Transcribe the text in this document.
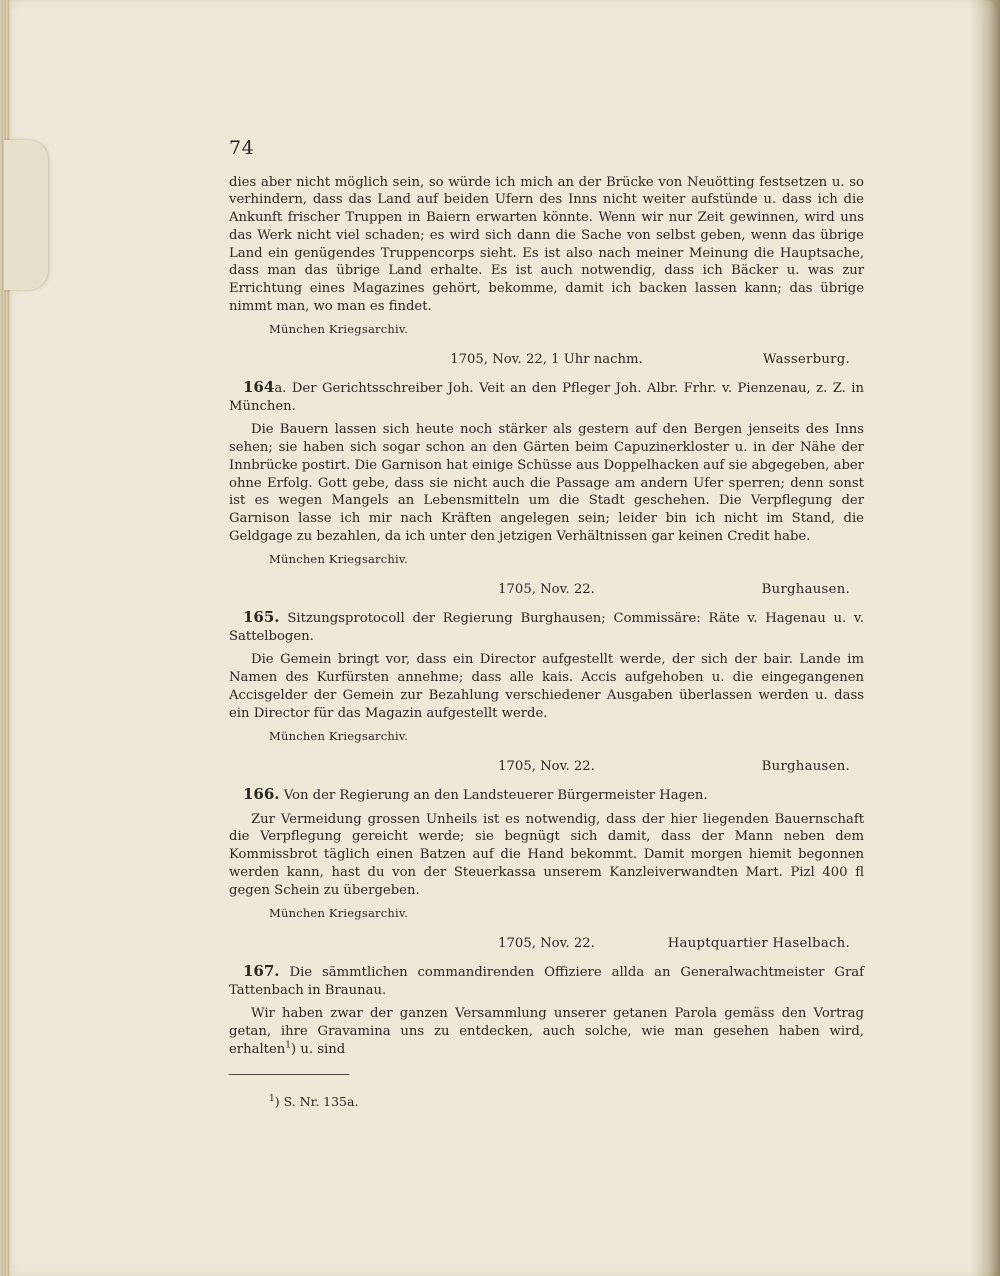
74

dies aber nicht möglich sein, so würde ich mich an der Brücke von Neuötting festsetzen u. so verhindern, dass das Land auf beiden Ufern des Inns nicht weiter aufstünde u. dass ich die Ankunft frischer Truppen in Baiern erwarten könnte. Wenn wir nur Zeit gewinnen, wird uns das Werk nicht viel schaden; es wird sich dann die Sache von selbst geben, wenn das übrige Land ein genügendes Truppencorps sieht. Es ist also nach meiner Meinung die Hauptsache, dass man das übrige Land erhalte. Es ist auch notwendig, dass ich Bäcker u. was zur Errichtung eines Magazines gehört, bekomme, damit ich backen lassen kann; das übrige nimmt man, wo man es findet.

München Kriegsarchiv.
1705, Nov. 22, 1 Uhr nachm.	Wasserburg.

164a. Der Gerichtsschreiber Joh. Veit an den Pfleger Joh. Albr. Frhr. v. Pienzenau, z. Z. in München.

Die Bauern lassen sich heute noch stärker als gestern auf den Bergen jenseits des Inns sehen; sie haben sich sogar schon an den Gärten beim Capuzinerkloster u. in der Nähe der Innbrücke postirt. Die Garnison hat einige Schüsse aus Doppelhacken auf sie abgegeben, aber ohne Erfolg. Gott gebe, dass sie nicht auch die Passage am andern Ufer sperren; denn sonst ist es wegen Mangels an Lebensmitteln um die Stadt geschehen. Die Verpflegung der Garnison lasse ich mir nach Kräften angelegen sein; leider bin ich nicht im Stand, die Geldgage zu bezahlen, da ich unter den jetzigen Verhältnissen gar keinen Credit habe.

München Kriegsarchiv.
1705, Nov. 22.	Burghausen.

165. Sitzungsprotocoll der Regierung Burghausen; Commissäre: Räte v. Hagenau u. v. Sattelbogen.

Die Gemein bringt vor, dass ein Director aufgestellt werde, der sich der bair. Lande im Namen des Kurfürsten annehme; dass alle kais. Accis aufgehoben u. die eingegangenen Accisgelder der Gemein zur Bezahlung verschiedener Ausgaben überlassen werden u. dass ein Director für das Magazin aufgestellt werde.

München Kriegsarchiv.
1705, Nov. 22.	Burghausen.

166. Von der Regierung an den Landsteuerer Bürgermeister Hagen.

Zur Vermeidung grossen Unheils ist es notwendig, dass der hier liegenden Bauernschaft die Verpflegung gereicht werde; sie begnügt sich damit, dass der Mann neben dem Kommissbrot täglich einen Batzen auf die Hand bekommt. Damit morgen hiemit begonnen werden kann, hast du von der Steuerkassa unserem Kanzleiverwandten Mart. Pizl 400 fl gegen Schein zu übergeben.

München Kriegsarchiv.
1705, Nov. 22.	Hauptquartier Haselbach.

167. Die sämmtlichen commandirenden Offiziere allda an Generalwachtmeister Graf Tattenbach in Braunau.

Wir haben zwar der ganzen Versammlung unserer getanen Parola gemäss den Vortrag getan, ihre Gravamina uns zu entdecken, auch solche, wie man gesehen haben wird, erhalten$^1$) u. sind

$^1$) S. Nr. 135a.
